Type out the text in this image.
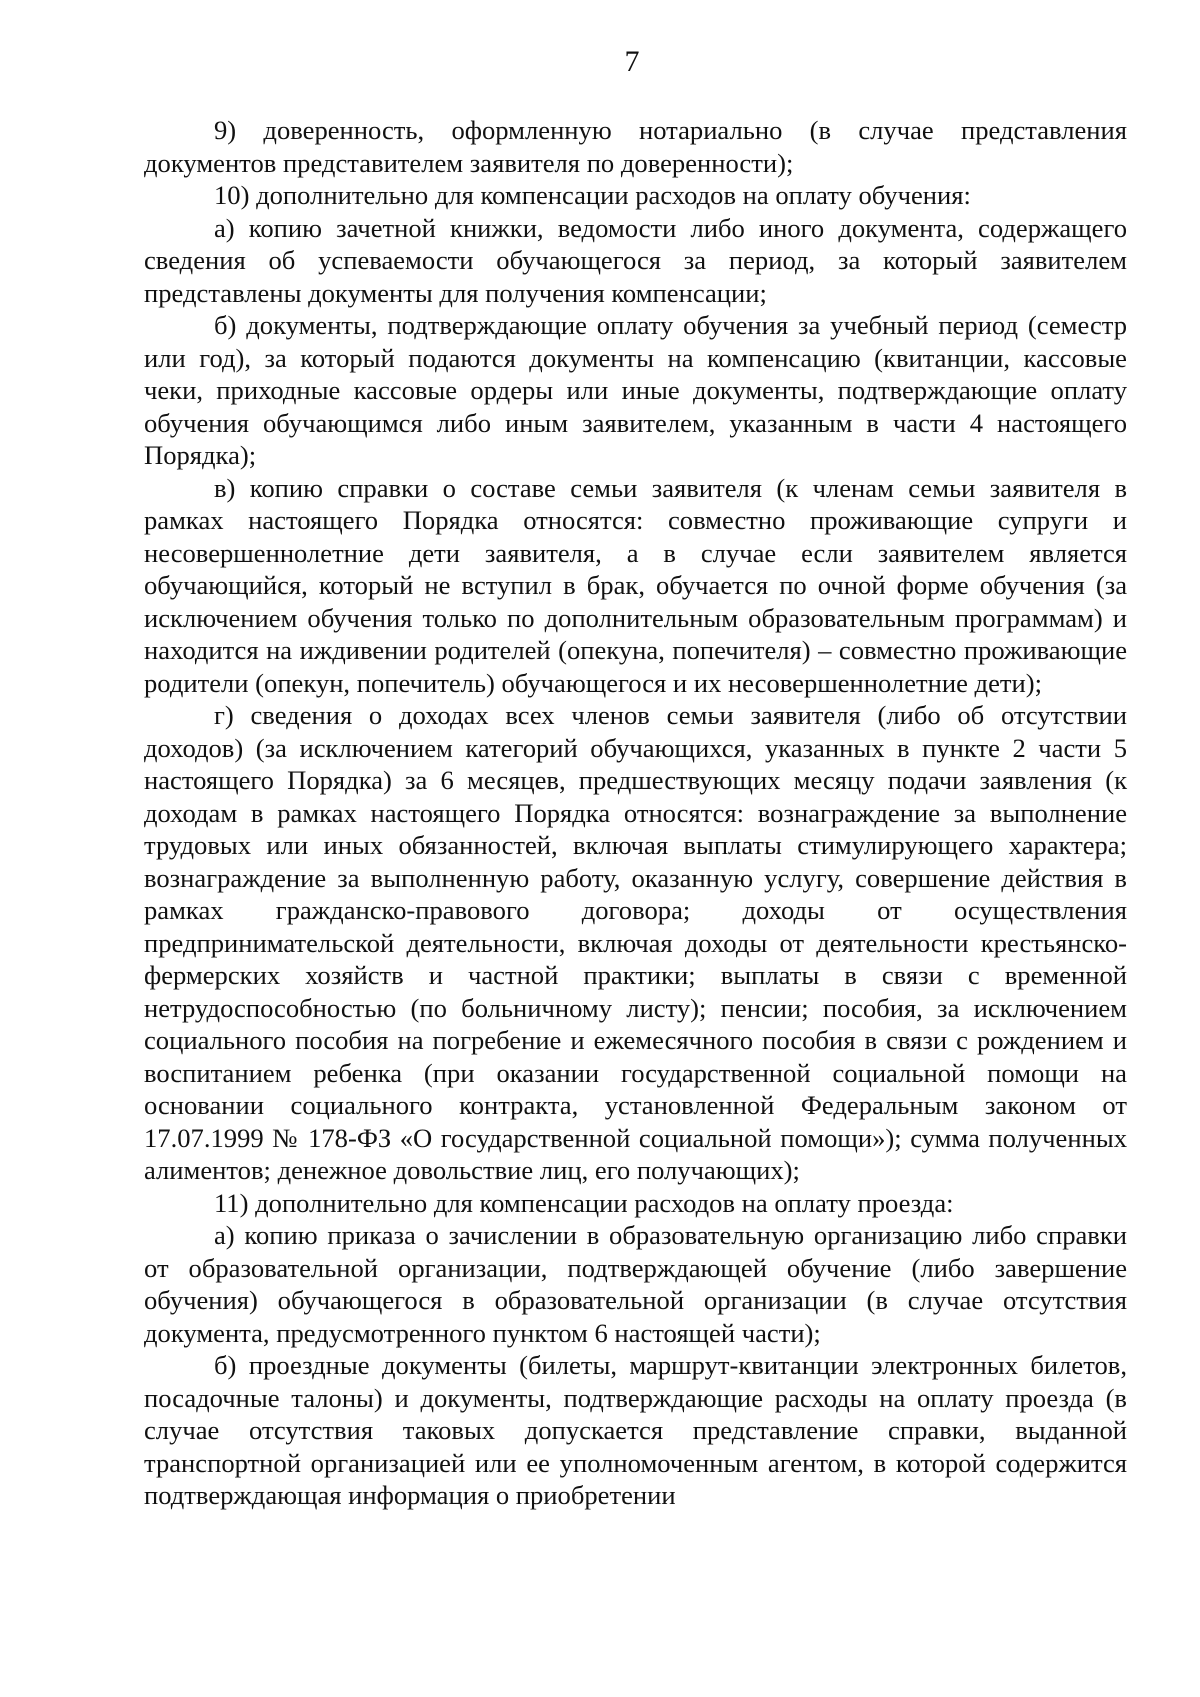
7

9) доверенность, оформленную нотариально (в случае представления документов представителем заявителя по доверенности);

10) дополнительно для компенсации расходов на оплату обучения:

а) копию зачетной книжки, ведомости либо иного документа, содержащего сведения об успеваемости обучающегося за период, за который заявителем представлены документы для получения компенсации;

б) документы, подтверждающие оплату обучения за учебный период (семестр или год), за который подаются документы на компенсацию (квитанции, кассовые чеки, приходные кассовые ордеры или иные документы, подтверждающие оплату обучения обучающимся либо иным заявителем, указанным в части 4 настоящего Порядка);

в) копию справки о составе семьи заявителя (к членам семьи заявителя в рамках настоящего Порядка относятся: совместно проживающие супруги и несовершеннолетние дети заявителя, а в случае если заявителем является обучающийся, который не вступил в брак, обучается по очной форме обучения (за исключением обучения только по дополнительным образовательным программам) и находится на иждивении родителей (опекуна, попечителя) – совместно проживающие родители (опекун, попечитель) обучающегося и их несовершеннолетние дети);

г) сведения о доходах всех членов семьи заявителя (либо об отсутствии доходов) (за исключением категорий обучающихся, указанных в пункте 2 части 5 настоящего Порядка) за 6 месяцев, предшествующих месяцу подачи заявления (к доходам в рамках настоящего Порядка относятся: вознаграждение за выполнение трудовых или иных обязанностей, включая выплаты стимулирующего характера; вознаграждение за выполненную работу, оказанную услугу, совершение действия в рамках гражданско-правового договора; доходы от осуществления предпринимательской деятельности, включая доходы от деятельности крестьянско-фермерских хозяйств и частной практики; выплаты в связи с временной нетрудоспособностью (по больничному листу); пенсии; пособия, за исключением социального пособия на погребение и ежемесячного пособия в связи с рождением и воспитанием ребенка (при оказании государственной социальной помощи на основании социального контракта, установленной Федеральным законом от 17.07.1999 № 178-ФЗ «О государственной социальной помощи»); сумма полученных алиментов; денежное довольствие лиц, его получающих);

11) дополнительно для компенсации расходов на оплату проезда:

а) копию приказа о зачислении в образовательную организацию либо справки от образовательной организации, подтверждающей обучение (либо завершение обучения) обучающегося в образовательной организации (в случае отсутствия документа, предусмотренного пунктом 6 настоящей части);

б) проездные документы (билеты, маршрут-квитанции электронных билетов, посадочные талоны) и документы, подтверждающие расходы на оплату проезда (в случае отсутствия таковых допускается представление справки, выданной транспортной организацией или ее уполномоченным агентом, в которой содержится подтверждающая информация о приобретении
